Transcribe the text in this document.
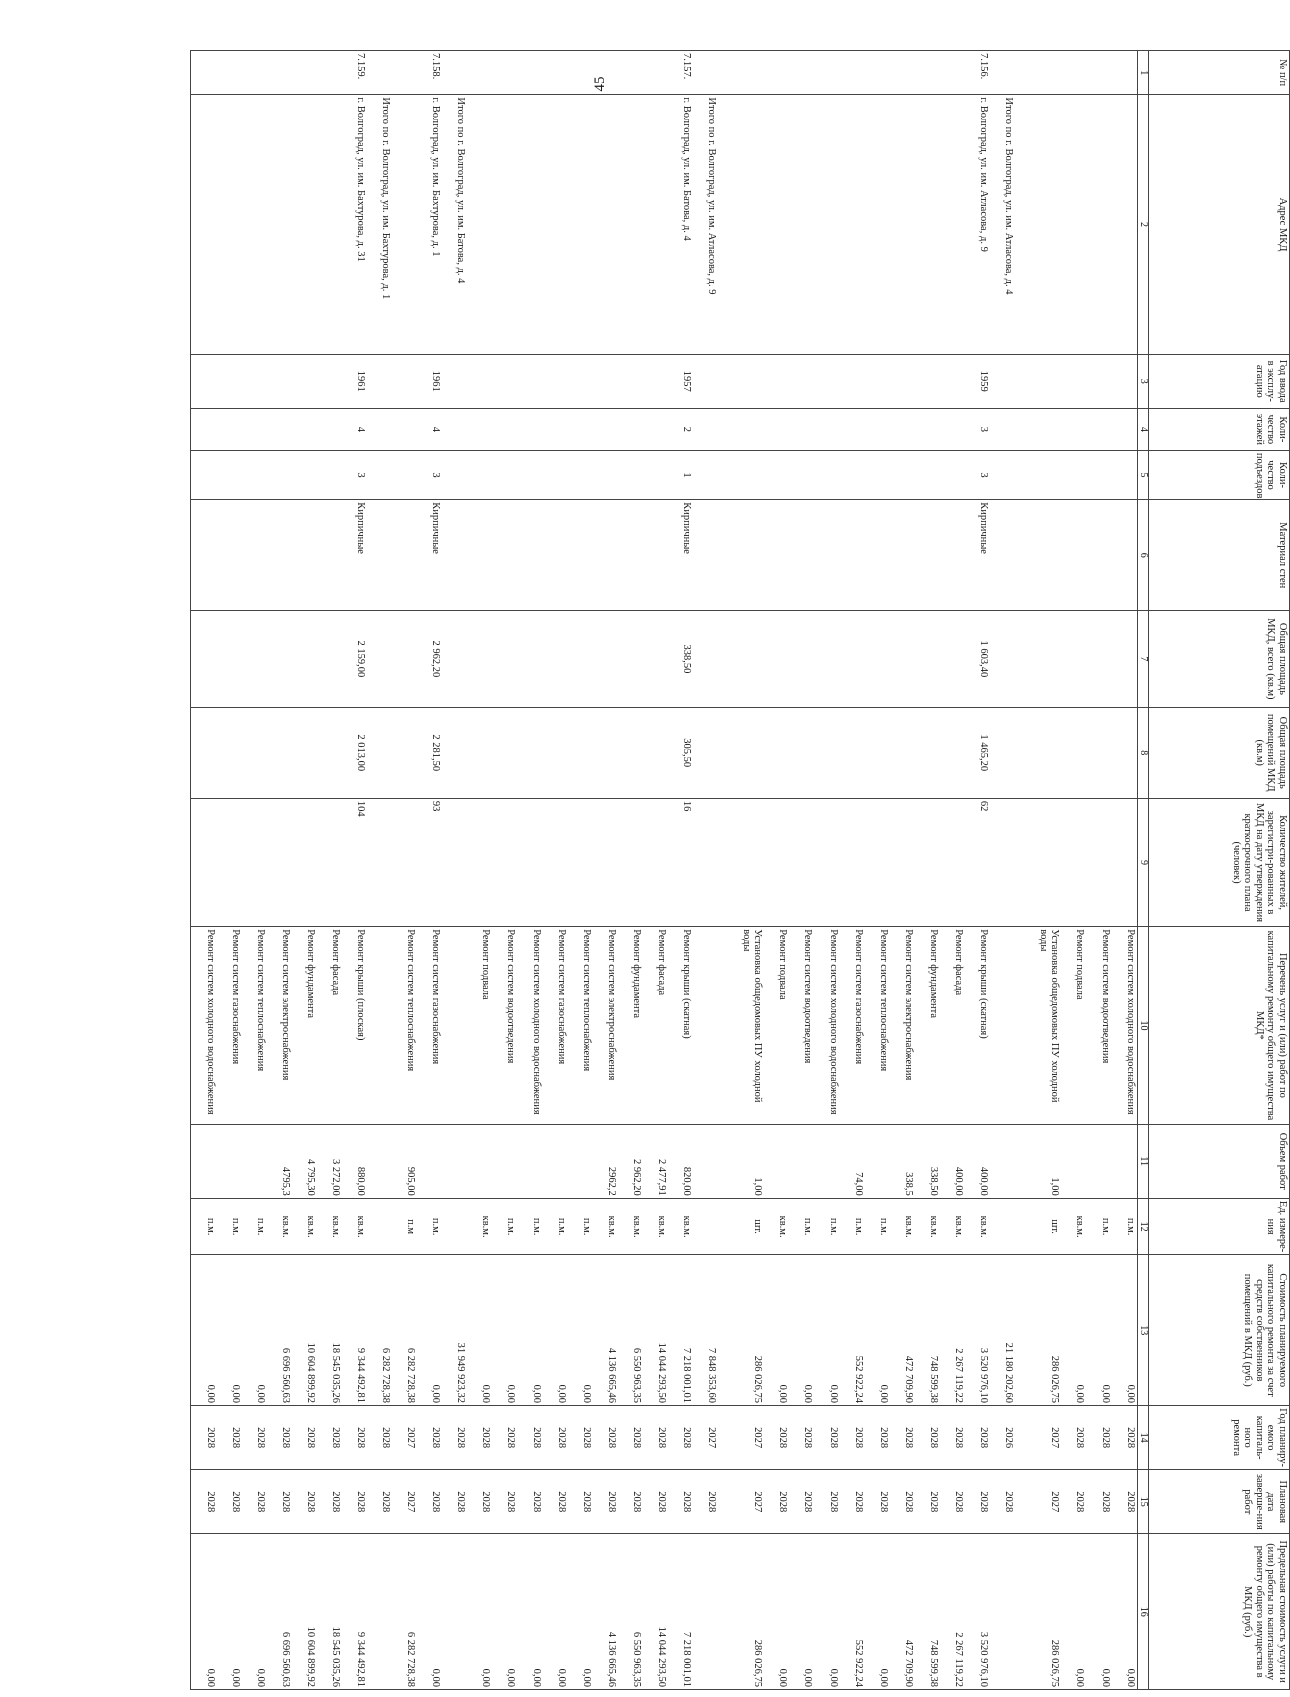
45	№ п/п	Адрес МКД	Год ввода в эксплу-атацию	Коли-чество этажей	Коли-чество подъездов	Материал стен	Общая площадь МКД, всего (кв.м)	Общая площадь помещений МКД (кв.м)	Количество жителей, зарегистри-рованных в МКД на дату утверждения краткосрочного плана (человек)	Перечень услуг и (или) работ по капитальному ремонту общего имущества МКД*	Объем работ	Ед. измере-ния	Стоимость планируемого капитального ремонта за счет средств собственников помещений в МКД (руб.)	Год планиру-емого капиталь-ного ремонта	Плановая дата заверше-ния работ	Предельная стоимость услуги и (или) работы по капитальному ремонту общего имущества в МКД (руб.)
1	2	3	4	5	6	7	8	9	10	11	12	13	14	15	16

									Ремонт систем холодного водоснабжения		п.м.	0,00	2028	2028	0,00

									Ремонт систем водоотведения		п.м.	0,00	2028	2028	0,00

									Ремонт подвала		кв.м.	0,00	2028	2028	0,00

									Установка общедомовых ПУ холодной воды	1,00	шт.	286 026,75	2027	2027	286 026,75

	Итого по г. Волгоград, ул. им. Атласова, д. 4											21 180 202,60	2026	2028	

7.156.	г. Волгоград, ул. им. Атласова, д. 9	1959	3	3	Кирпичные	1 603,40	1 465,20	62	Ремонт крыши (скатная)	400,00	кв.м.	3 520 976,10	2028	2028	3 520 976,10

									Ремонт фасада	400,00	кв.м.	2 267 119,22	2028	2028	2 267 119,22

									Ремонт фундамента	338,50	кв.м.	748 599,38	2028	2028	748 599,38

									Ремонт систем электроснабжения	338,5	кв.м.	472 709,90	2028	2028	472 709,90

									Ремонт систем теплоснабжения		п.м.	0,00	2028	2028	0,00

									Ремонт систем газоснабжения	74,00	п.м.	552 922,24	2028	2028	552 922,24

									Ремонт систем холодного водоснабжения		п.м.	0,00	2028	2028	0,00

									Ремонт систем водоотведения		п.м.	0,00	2028	2028	0,00

									Ремонт подвала		кв.м.	0,00	2028	2028	0,00

									Установка общедомовых ПУ холодной воды	1,00	шт.	286 026,75	2027	2027	286 026,75

	Итого по г. Волгоград, ул. им. Атласова, д. 9											7 848 353,60	2027	2028	

7.157.	г. Волгоград, ул. им. Батова, д. 4	1957	2	1	Кирпичные	338,50	305,50	16	Ремонт крыши (скатная)	820,00	кв.м.	7 218 001,01	2028	2028	7 218 001,01

									Ремонт фасада	2 477,91	кв.м.	14 044 293,50	2028	2028	14 044 293,50

									Ремонт фундамента	2 962,20	кв.м.	6 550 963,35	2028	2028	6 550 963,35

									Ремонт систем электроснабжения	2962,2	кв.м.	4 136 665,46	2028	2028	4 136 665,46

									Ремонт систем теплоснабжения		п.м.	0,00	2028	2028	0,00

									Ремонт систем газоснабжения		п.м.	0,00	2028	2028	0,00

									Ремонт систем холодного водоснабжения		п.м.	0,00	2028	2028	0,00

									Ремонт систем водоотведения		п.м.	0,00	2028	2028	0,00

									Ремонт подвала		кв.м.	0,00	2028	2028	0,00

	Итого по г. Волгоград, ул. им. Батова, д. 4											31 949 923,32	2028	2028	

7.158.	г. Волгоград, ул. им. Бахтурова, д. 1	1961	4	3	Кирпичные	2 962,20	2 281,50	93	Ремонт систем газоснабжения		п.м.	0,00	2028	2028	0,00

									Ремонт систем теплоснабжения	905,00	п.м	6 282 728,38	2027	2027	6 282 728,38

	Итого по г. Волгоград, ул. им. Бахтурова, д. 1											6 282 728,38	2028	2028	

7.159.	г. Волгоград, ул. им. Бахтурова, д. 31	1961	4	3	Кирпичные	2 159,00	2 013,00	104	Ремонт крыши (плоская)	880,00	кв.м.	9 344 492,81	2028	2028	9 344 492,81

									Ремонт фасада	3 272,00	кв.м.	18 545 035,26	2028	2028	18 545 035,26

									Ремонт фундамента	4 795,30	кв.м.	10 604 899,92	2028	2028	10 604 899,92

									Ремонт систем электроснабжения	4795,3	кв.м.	6 696 560,63	2028	2028	6 696 560,63

									Ремонт систем теплоснабжения		п.м.	0,00	2028	2028	0,00

									Ремонт систем газоснабжения		п.м.	0,00	2028	2028	0,00

									Ремонт систем холодного водоснабжения		п.м.	0,00	2028	2028	0,00
